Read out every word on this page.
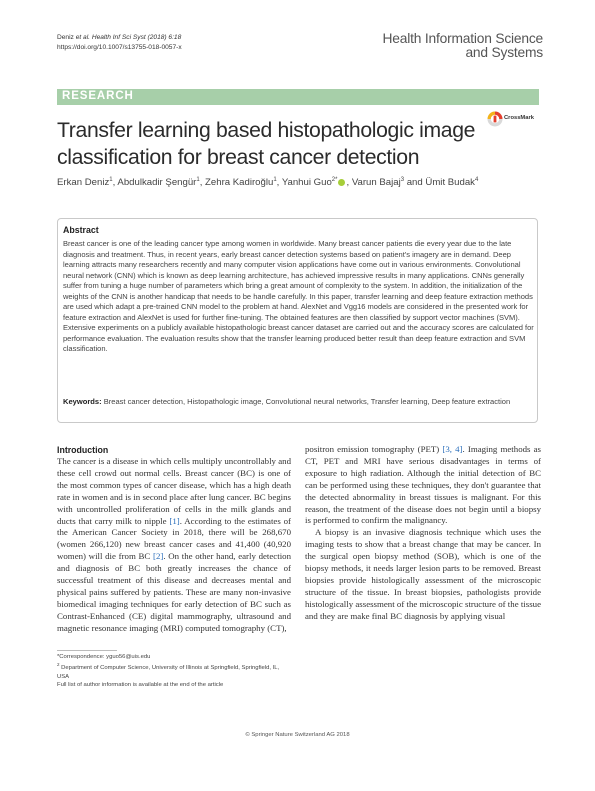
Deniz et al. Health Inf Sci Syst (2018) 6:18
https://doi.org/10.1007/s13755-018-0057-x
Health Information Science
and Systems
RESEARCH
CrossMark
Transfer learning based histopathologic image classification for breast cancer detection
Erkan Deniz$^1$, Abdulkadir Şengür$^1$, Zehra Kadiroğlu$^1$, Yanhui Guo$^{2*}$ , Varun Bajaj$^3$ and Ümit Budak$^4$
Abstract
Breast cancer is one of the leading cancer type among women in worldwide. Many breast cancer patients die every year due to the late diagnosis and treatment. Thus, in recent years, early breast cancer detection systems based on patient's imagery are in demand. Deep learning attracts many researchers recently and many computer vision applications have come out in various environments. Convolutional neural network (CNN) which is known as deep learning architecture, has achieved impressive results in many applications. CNNs generally suffer from tuning a huge number of parameters which bring a great amount of complexity to the system. In addition, the initialization of the weights of the CNN is another handicap that needs to be handle carefully. In this paper, transfer learning and deep feature extraction methods are used which adapt a pre-trained CNN model to the problem at hand. AlexNet and Vgg16 models are considered in the presented work for feature extraction and AlexNet is used for further fine-tuning. The obtained features are then classified by support vector machines (SVM). Extensive experiments on a publicly available histopathologic breast cancer dataset are carried out and the accuracy scores are calculated for performance evaluation. The evaluation results show that the transfer learning produced better result than deep feature extraction and SVM classification.
Keywords: Breast cancer detection, Histopathologic image, Convolutional neural networks, Transfer learning, Deep feature extraction
Introduction

The cancer is a disease in which cells multiply uncontrollably and these cell crowd out normal cells. Breast cancer (BC) is one of the most common types of cancer disease, which has a high death rate in women and is in second place after lung cancer. BC begins with uncontrolled proliferation of cells in the milk glands and ducts that carry milk to nipple [1]. According to the estimates of the American Cancer Society in 2018, there will be 268,670 (women 266,120) new breast cancer cases and 41,400 (40,920 women) will die from BC [2]. On the other hand, early detection and diagnosis of BC both greatly increases the chance of successful treatment of this disease and decreases mental and physical pains suffered by patients. These are many non-invasive biomedical imaging techniques for early detection of BC such as Contrast-Enhanced (CE) digital mammography, ultrasound and magnetic resonance imaging (MRI) computed tomography (CT),

positron emission tomography (PET) [3, 4]. Imaging methods as CT, PET and MRI have serious disadvantages in terms of exposure to high radiation. Although the initial detection of BC can be performed using these techniques, they don't guarantee that the detected abnormality in breast tissues is malignant. For this reason, the treatment of the disease does not begin until a biopsy is performed to confirm the malignancy.

A biopsy is an invasive diagnosis technique which uses the imaging tests to show that a breast change that may be cancer. In the surgical open biopsy method (SOB), which is one of the biopsy methods, it needs larger lesion parts to be removed. Breast biopsies provide histologically assessment of the microscopic structure of the tissue. In breast biopsies, pathologists provide histologically assessment of the microscopic structure of the tissue and they are make final BC diagnosis by applying visual

*Correspondence: yguo56@uis.edu
$^2$ Department of Computer Science, University of Illinois at Springfield, Springfield, IL, USA
Full list of author information is available at the end of the article
© Springer Nature Switzerland AG 2018
